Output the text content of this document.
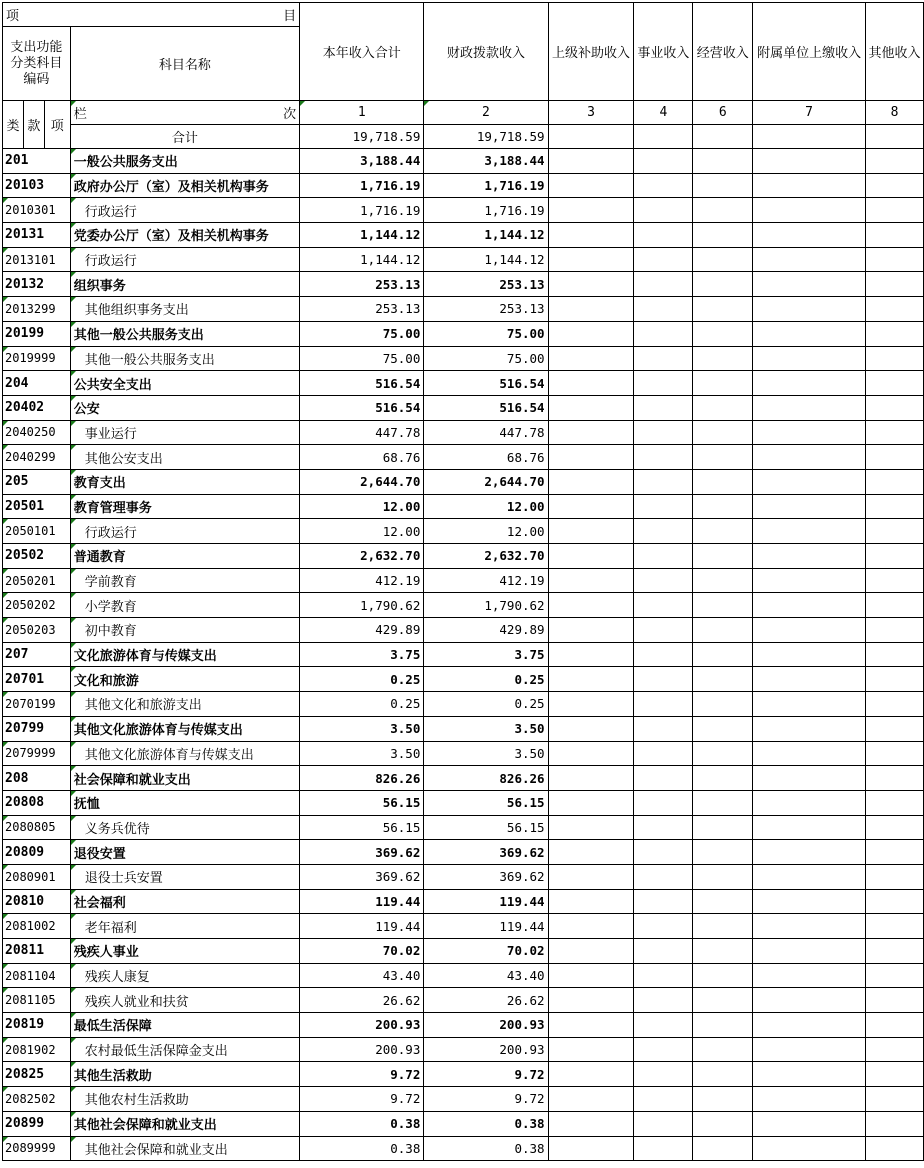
项 目				本年收入合计	财政拨款收入	上级补助收入	事业收入	经营收入	附属单位上缴收入	其他收入
支出功能分类科目编码			科目名称							
类	款	项	栏 次	1	2	3	4	6	7	8
			合计	19,718.59	19,718.59					
201			一般公共服务支出	3,188.44	3,188.44					
20103			政府办公厅（室）及相关机构事务	1,716.19	1,716.19					
2010301			行政运行	1,716.19	1,716.19					
20131			党委办公厅（室）及相关机构事务	1,144.12	1,144.12					
2013101			行政运行	1,144.12	1,144.12					
20132			组织事务	253.13	253.13					
2013299			其他组织事务支出	253.13	253.13					
20199			其他一般公共服务支出	75.00	75.00					
2019999			其他一般公共服务支出	75.00	75.00					
204			公共安全支出	516.54	516.54					
20402			公安	516.54	516.54					
2040250			事业运行	447.78	447.78					
2040299			其他公安支出	68.76	68.76					
205			教育支出	2,644.70	2,644.70					
20501			教育管理事务	12.00	12.00					
2050101			行政运行	12.00	12.00					
20502			普通教育	2,632.70	2,632.70					
2050201			学前教育	412.19	412.19					
2050202			小学教育	1,790.62	1,790.62					
2050203			初中教育	429.89	429.89					
207			文化旅游体育与传媒支出	3.75	3.75					
20701			文化和旅游	0.25	0.25					
2070199			其他文化和旅游支出	0.25	0.25					
20799			其他文化旅游体育与传媒支出	3.50	3.50					
2079999			其他文化旅游体育与传媒支出	3.50	3.50					
208			社会保障和就业支出	826.26	826.26					
20808			抚恤	56.15	56.15					
2080805			义务兵优待	56.15	56.15					
20809			退役安置	369.62	369.62					
2080901			退役士兵安置	369.62	369.62					
20810			社会福利	119.44	119.44					
2081002			老年福利	119.44	119.44					
20811			残疾人事业	70.02	70.02					
2081104			残疾人康复	43.40	43.40					
2081105			残疾人就业和扶贫	26.62	26.62					
20819			最低生活保障	200.93	200.93					
2081902			农村最低生活保障金支出	200.93	200.93					
20825			其他生活救助	9.72	9.72					
2082502			其他农村生活救助	9.72	9.72					
20899			其他社会保障和就业支出	0.38	0.38					
2089999			其他社会保障和就业支出	0.38	0.38					
